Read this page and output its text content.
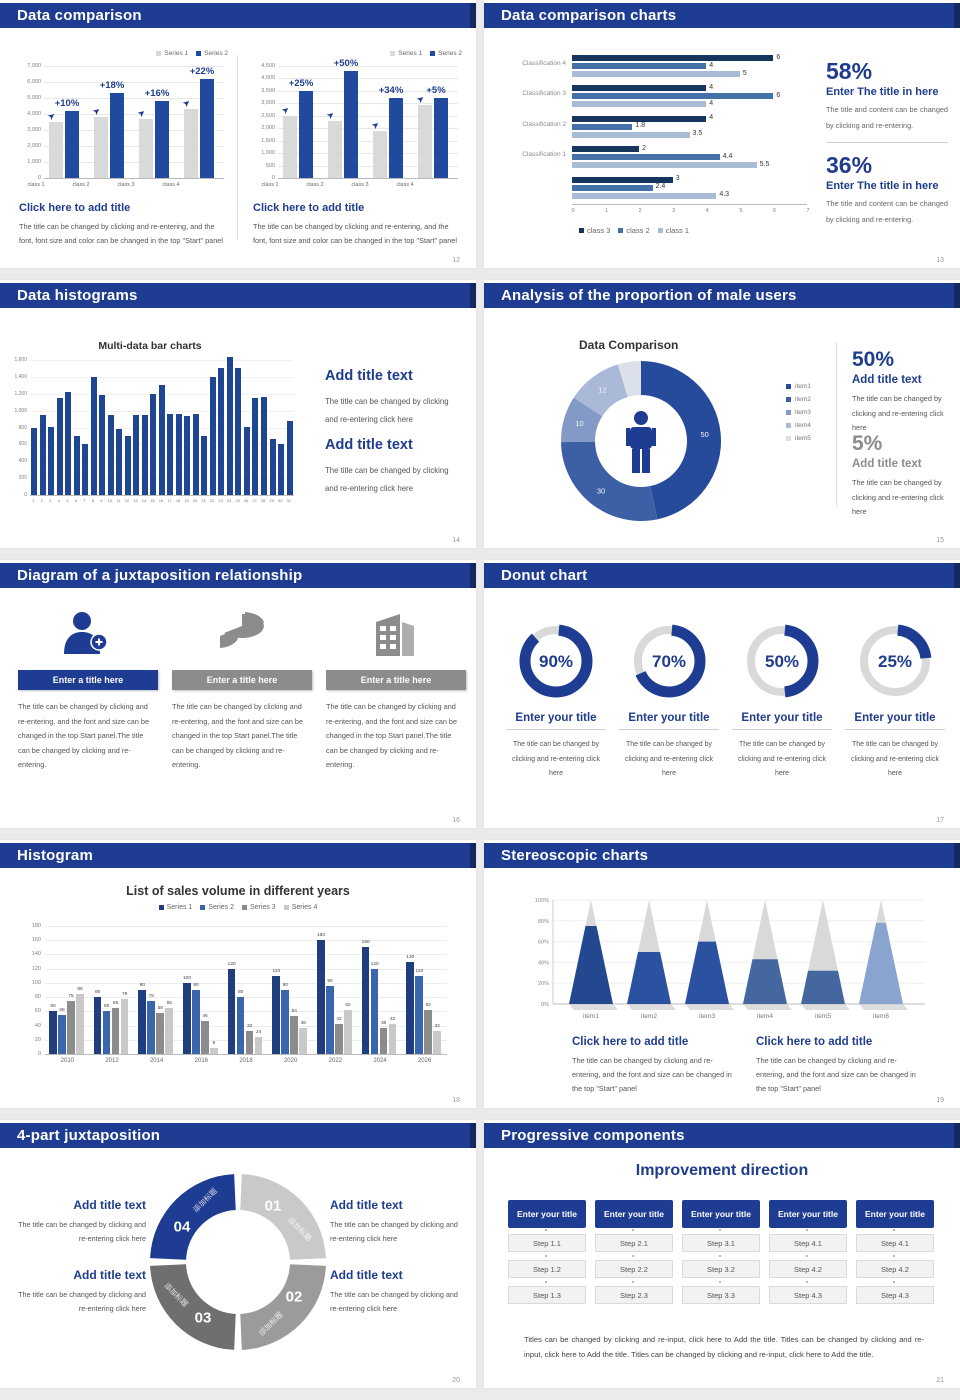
Data comparison
Series 1 Series 2
+10%
➤
+18%
➤
+16%
➤
+22%
➤
0
1,000
2,000
3,000
4,000
5,000
6,000
7,000
class 1	class 2	class 3	class 4
Click here to add title
The title can be changed by clicking and re-entering, and the font, font size and color can be changed in the top "Start" panel
Series 1 Series 2
+25%
➤
+50%
➤
+34%
➤
+5%
➤
0
500
1,000
1,500
2,000
2,500
3,000
3,500
4,000
4,500
class 1	class 2	class 3	class 4
Click here to add title
The title can be changed by clicking and re-entering, and the font, font size and color can be changed in the top "Start" panel
12
Data comparison charts
6
4
5
4
6
4
4
1.8
3.5
2
4.4
5.5
3
2.4
4.3
0	1	2	3	4	5	6	7
Classification 4
Classification 3
Classification 2
Classification 1
class 3 class 2 class 1
58%
Enter The title in here
The title and content can be changed by clicking and re-entering.
36%
Enter The title in here
The title and content can be changed by clicking and re-entering.
13
Data histograms
Multi-data bar charts
1	2	3	4	5	6	7	8	9	10	11	12	13	14	15	16	17	18	19	20	21	22	23	24	25	26	27	28	29	30	31
0
200
400
600
800
1,000
1,200
1,400
1,600
Add title text
The title can be changed by clicking and re-entering click here
Add title text
The title can be changed by clicking and re-entering click here
14
Analysis of the proportion of male users
Data Comparison
50
30
10
12	item1
item2
item3
item4
item5
50%
Add title text
The title can be changed by clicking and re-entering click here
5%
Add title text
The title can be changed by clicking and re-entering click here
15
Diagram of a juxtaposition relationship
Enter a title here
The title can be changed by clicking and re-entering, and the font and size can be changed in the top Start panel.The title can be changed by clicking and re-entering.
Enter a title here
The title can be changed by clicking and re-entering, and the font and size can be changed in the top Start panel.The title can be changed by clicking and re-entering.
Enter a title here
The title can be changed by clicking and re-entering, and the font and size can be changed in the top Start panel.The title can be changed by clicking and re-entering.
16
Donut chart
90%
Enter your title
The title can be changed by clicking and re-entering click here
70%
Enter your title
The title can be changed by clicking and re-entering click here
50%
Enter your title
The title can be changed by clicking and re-entering click here
25%
Enter your title
The title can be changed by clicking and re-entering click here
17
Histogram
List of sales volume in different years
Series 1 Series 2 Series 3 Series 4
60
55
75
85
2010
80
60
65
78
2012
90
75
58
65
2014
100
90
46
9
2016
120
80
32
24
2018
110
90
54
36
2020
160
96
42
62
2022
150
120
36
42
2024
130
110
62
32
2026
0
20
40
60
80
100
120
140
160
180
18
Stereoscopic charts
0%
20%
40%
60%
80%
100%
item1	item2	item3	item4	item5	item6
Click here to add title
The title can be changed by clicking and re-entering, and the font and size can be changed in the top "Start" panel
Click here to add title
The title can be changed by clicking and re-entering, and the font and size can be changed in the top "Start" panel
19
4-part juxtaposition
01
添加标题
02
添加标题
03
添加标题
04
添加标题
Add title text
The title can be changed by clicking and re-entering click here
Add title text
The title can be changed by clicking and re-entering click here
Add title text
The title can be changed by clicking and re-entering click here
Add title text
The title can be changed by clicking and re-entering click here
20
Progressive components
Improvement direction
Enter your title
Step 1.1
Step 1.2
Step 1.3
Enter your title
Step 2.1
Step 2.2
Step 2.3
Enter your title
Step 3.1
Step 3.2
Step 3.3
Enter your title
Step 4.1
Step 4.2
Step 4.3
Enter your title
Step 4.1
Step 4.2
Step 4.3
Titles can be changed by clicking and re-input, click here to Add the title. Titles can be changed by clicking and re-input, click here to Add the title. Titles can be changed by clicking and re-input, click here to Add the title.
21
